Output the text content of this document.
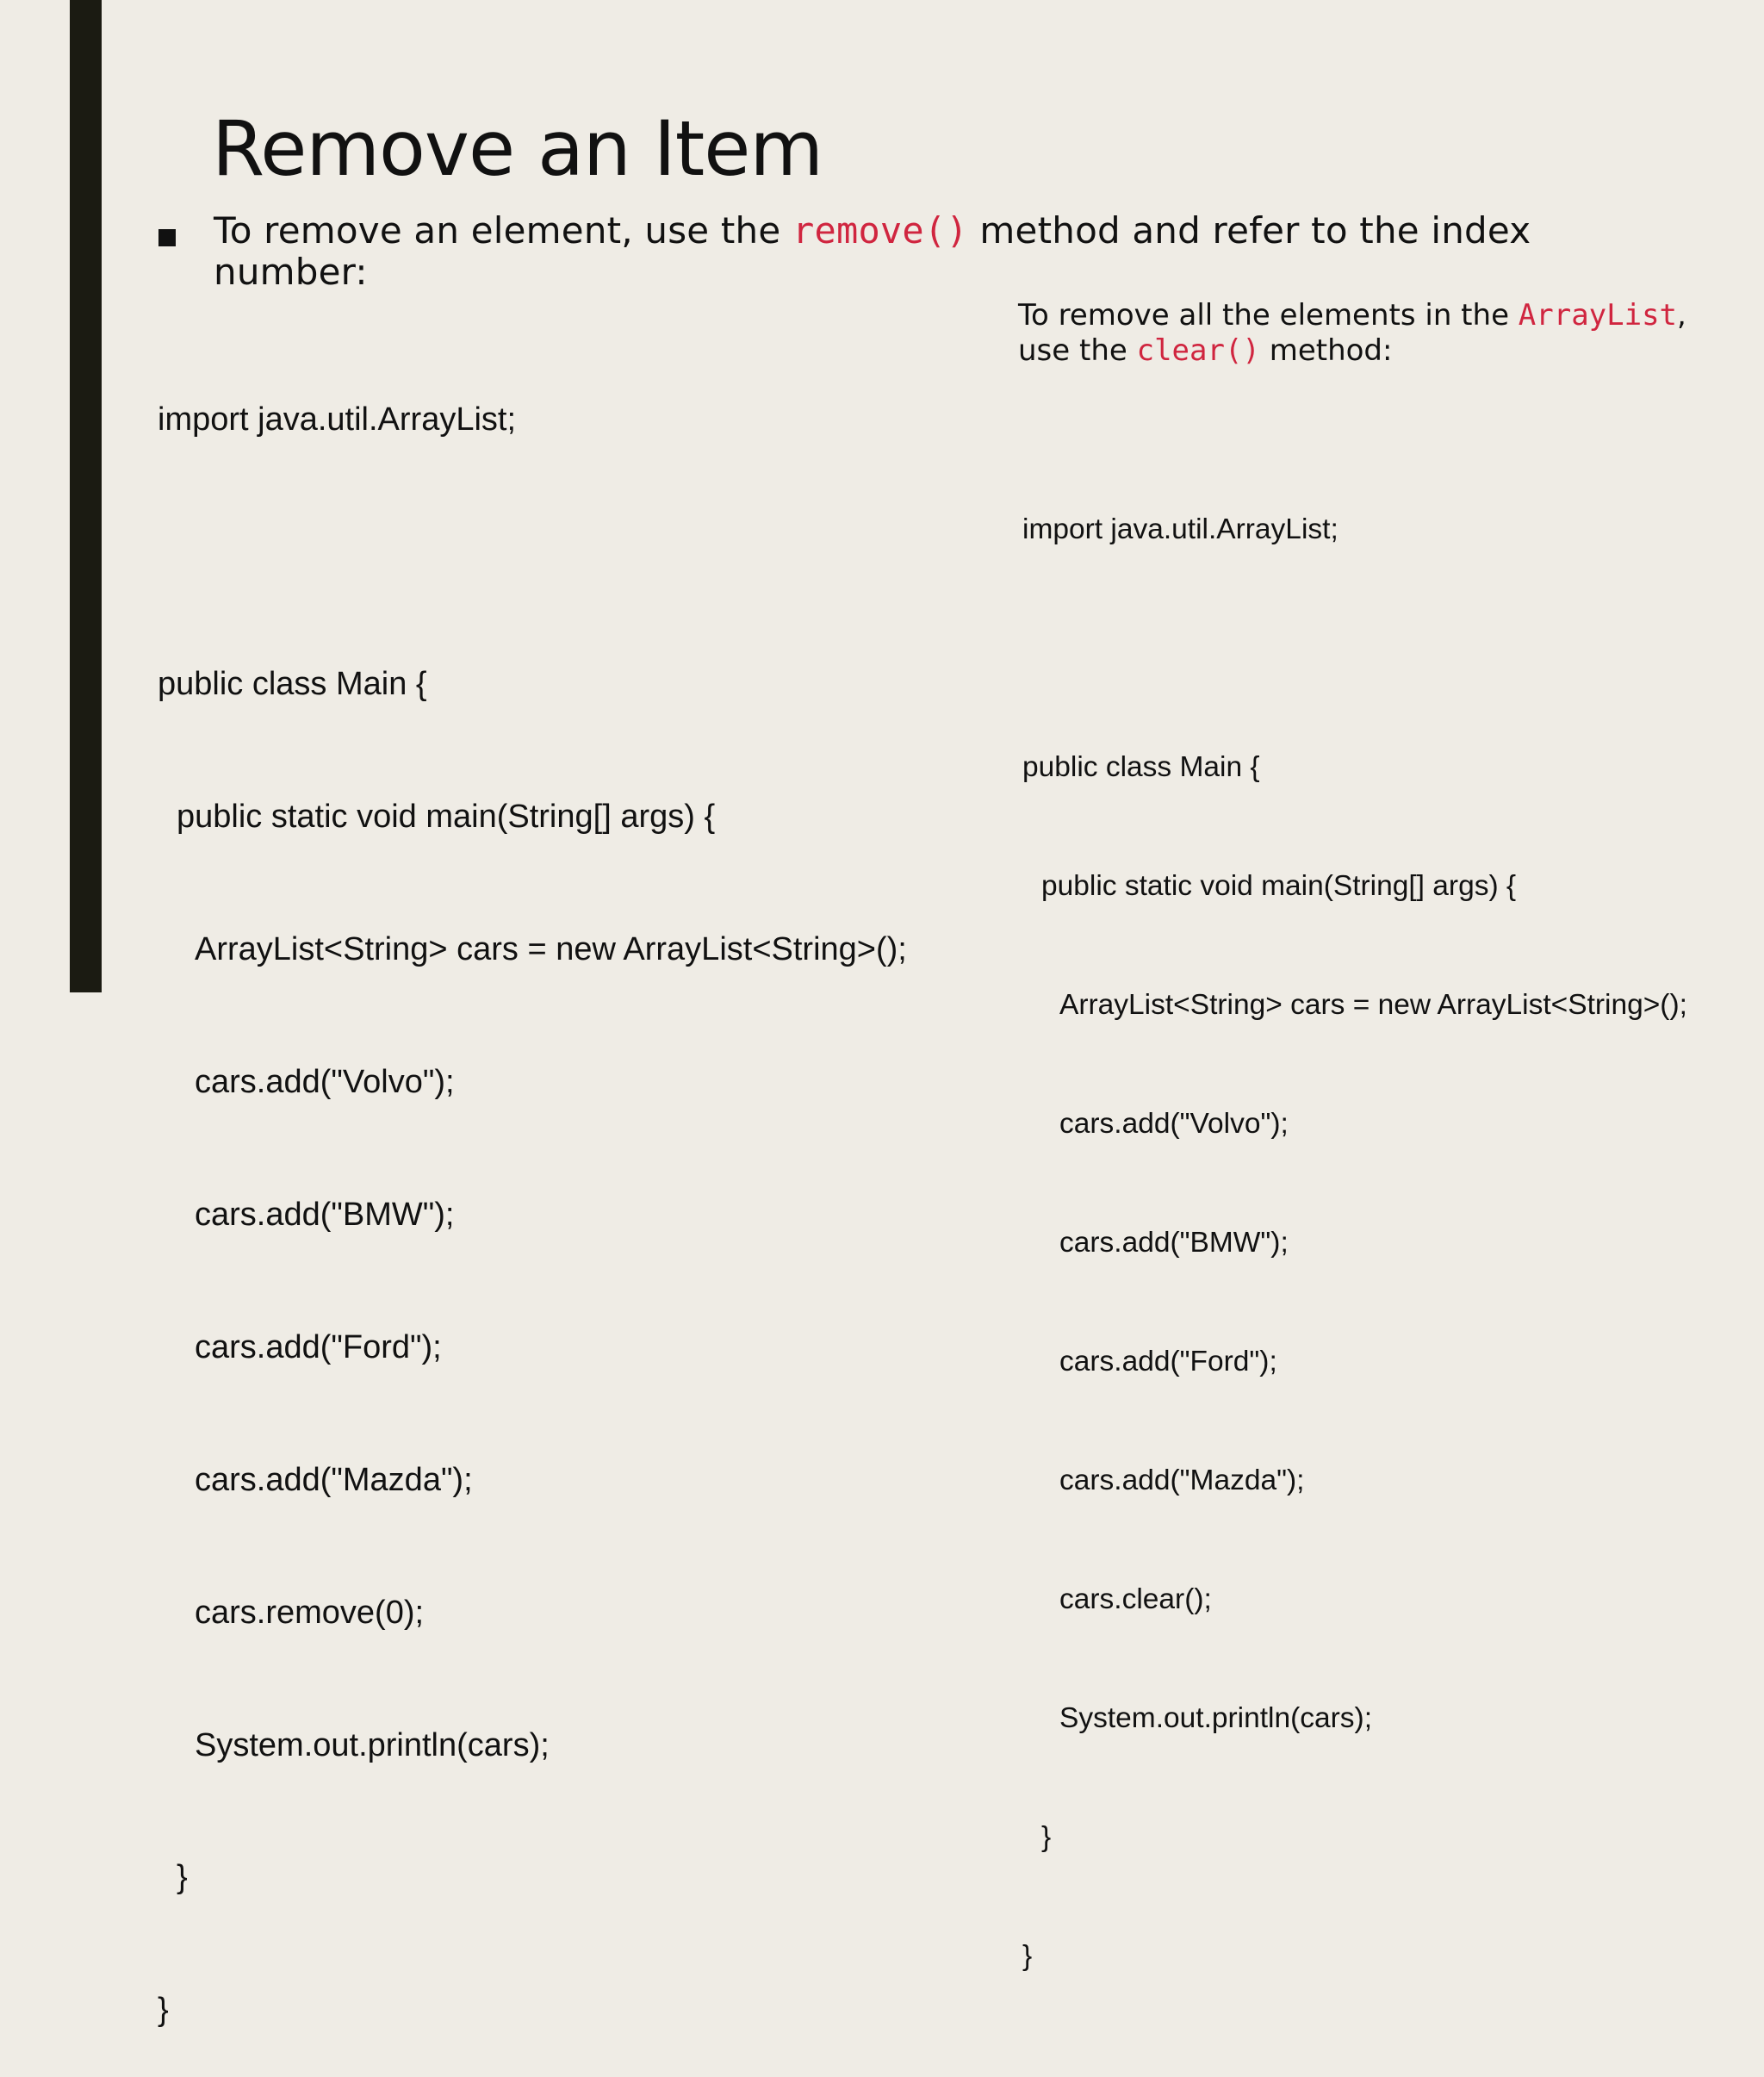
Remove an Item
To remove an element, use the remove() method and refer to the index number:

import java.util.ArrayList;

public class Main {

public static void main(String[] args) {

ArrayList<String> cars = new ArrayList<String>();

cars.add("Volvo");

cars.add("BMW");

cars.add("Ford");

cars.add("Mazda");

cars.remove(0);

System.out.println(cars);

}

}

To remove all the elements in the ArrayList, use the clear() method:

import java.util.ArrayList;

public class Main {

public static void main(String[] args) {

ArrayList<String> cars = new ArrayList<String>();

cars.add("Volvo");

cars.add("BMW");

cars.add("Ford");

cars.add("Mazda");

cars.clear();

System.out.println(cars);

}

}
